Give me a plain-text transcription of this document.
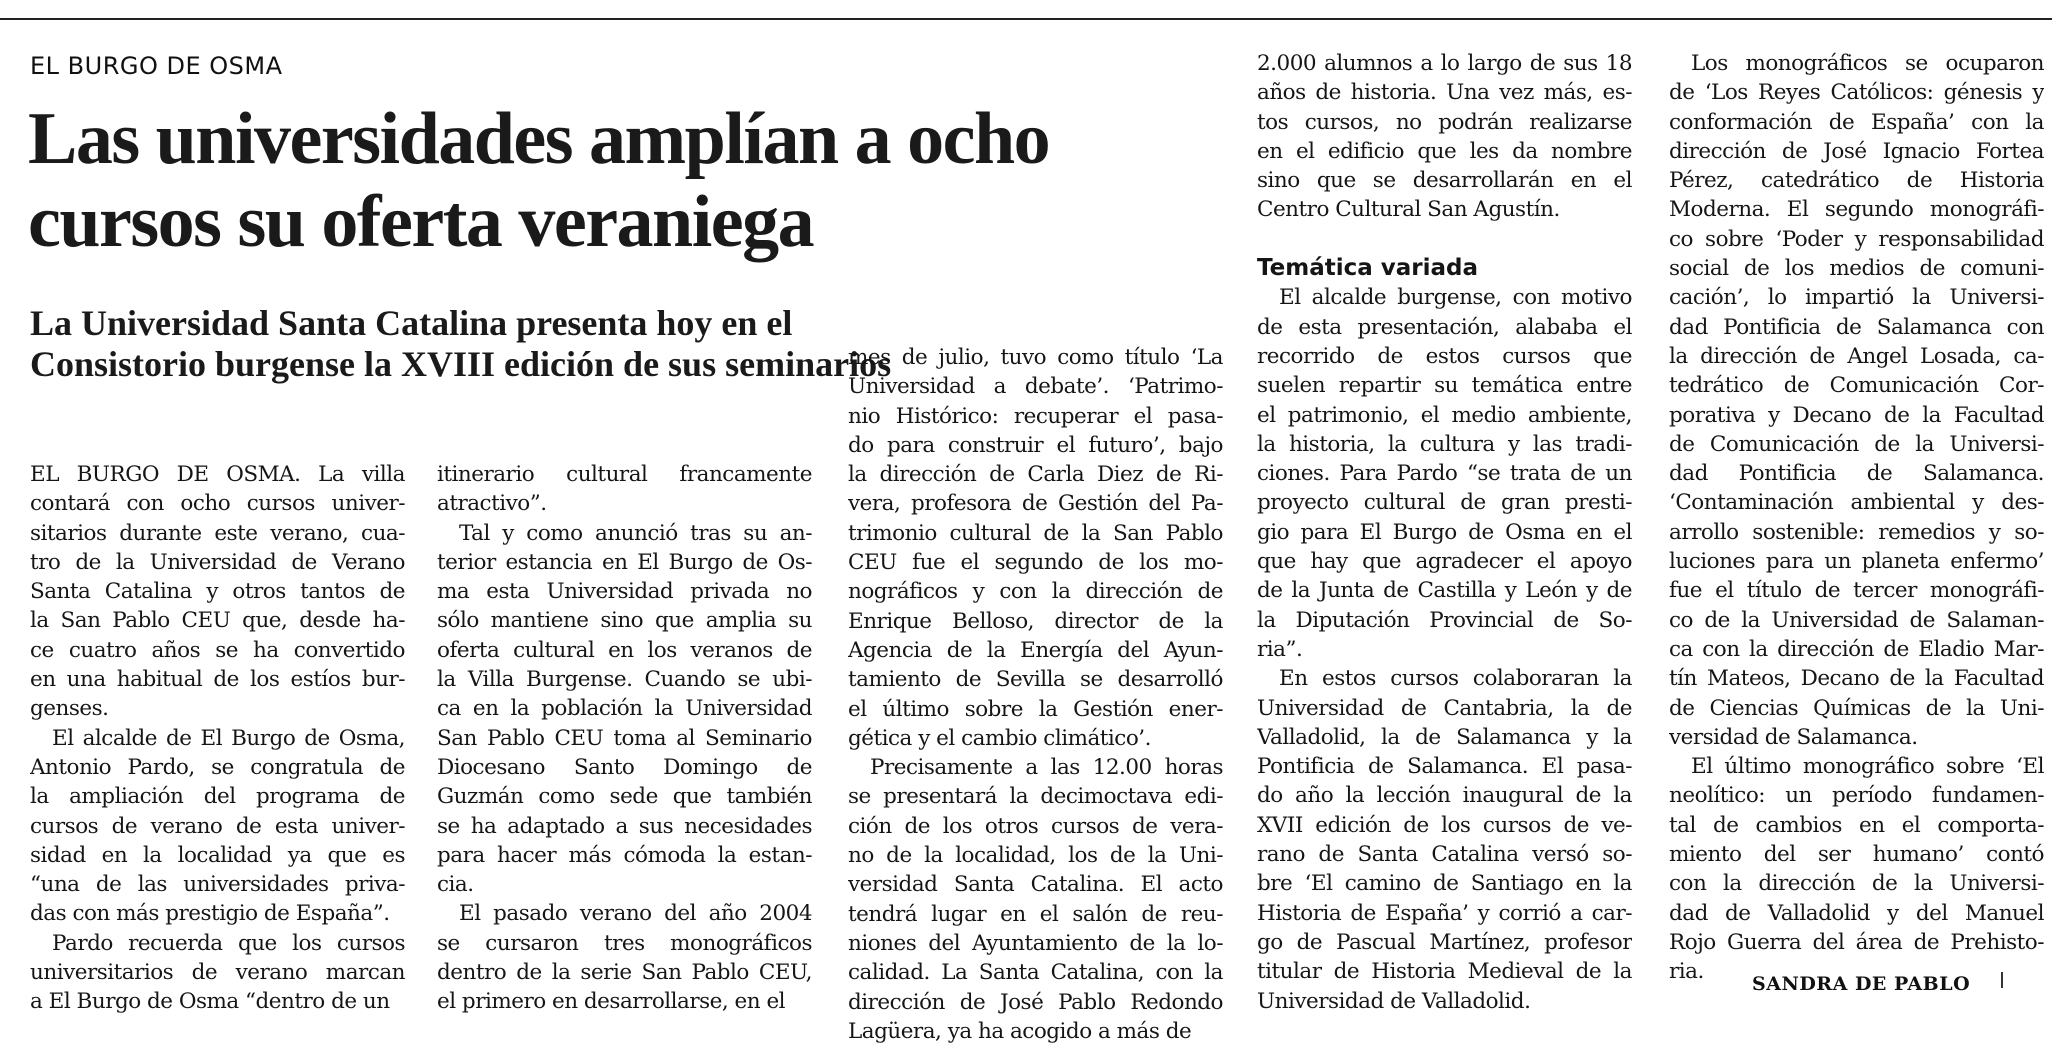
EL BURGO DE OSMA
Las universidades amplían a ocho
cursos su oferta veraniega
La Universidad Santa Catalina presenta hoy en el
Consistorio burgense la XVIII edición de sus seminarios
EL BURGO DE OSMA. La villa
contará con ocho cursos univer-
sitarios durante este verano, cua-
tro de la Universidad de Verano
Santa Catalina y otros tantos de
la San Pablo CEU que, desde ha-
ce cuatro años se ha convertido
en una habitual de los estíos bur-
genses.
El alcalde de El Burgo de Osma,
Antonio Pardo, se congratula de
la ampliación del programa de
cursos de verano de esta univer-
sidad en la localidad ya que es
“una de las universidades priva-
das con más prestigio de España”.
Pardo recuerda que los cursos
universitarios de verano marcan
a El Burgo de Osma “dentro de un
itinerario cultural francamente
atractivo”.
Tal y como anunció tras su an-
terior estancia en El Burgo de Os-
ma esta Universidad privada no
sólo mantiene sino que amplia su
oferta cultural en los veranos de
la Villa Burgense. Cuando se ubi-
ca en la población la Universidad
San Pablo CEU toma al Seminario
Diocesano Santo Domingo de
Guzmán como sede que también
se ha adaptado a sus necesidades
para hacer más cómoda la estan-
cia.
El pasado verano del año 2004
se cursaron tres monográficos
dentro de la serie San Pablo CEU,
el primero en desarrollarse, en el
mes de julio, tuvo como título ‘La
Universidad a debate’. ‘Patrimo-
nio Histórico: recuperar el pasa-
do para construir el futuro’, bajo
la dirección de Carla Diez de Ri-
vera, profesora de Gestión del Pa-
trimonio cultural de la San Pablo
CEU fue el segundo de los mo-
nográficos y con la dirección de
Enrique Belloso, director de la
Agencia de la Energía del Ayun-
tamiento de Sevilla se desarrolló
el último sobre la Gestión ener-
gética y el cambio climático’.
Precisamente a las 12.00 horas
se presentará la decimoctava edi-
ción de los otros cursos de vera-
no de la localidad, los de la Uni-
versidad Santa Catalina. El acto
tendrá lugar en el salón de reu-
niones del Ayuntamiento de la lo-
calidad. La Santa Catalina, con la
dirección de José Pablo Redondo
Lagüera, ya ha acogido a más de
2.000 alumnos a lo largo de sus 18
años de historia. Una vez más, es-
tos cursos, no podrán realizarse
en el edificio que les da nombre
sino que se desarrollarán en el
Centro Cultural San Agustín.
Temática variada
El alcalde burgense, con motivo
de esta presentación, alababa el
recorrido de estos cursos que
suelen repartir su temática entre
el patrimonio, el medio ambiente,
la historia, la cultura y las tradi-
ciones. Para Pardo “se trata de un
proyecto cultural de gran presti-
gio para El Burgo de Osma en el
que hay que agradecer el apoyo
de la Junta de Castilla y León y de
la Diputación Provincial de So-
ria”.
En estos cursos colaboraran la
Universidad de Cantabria, la de
Valladolid, la de Salamanca y la
Pontificia de Salamanca. El pasa-
do año la lección inaugural de la
XVII edición de los cursos de ve-
rano de Santa Catalina versó so-
bre ‘El camino de Santiago en la
Historia de España’ y corrió a car-
go de Pascual Martínez, profesor
titular de Historia Medieval de la
Universidad de Valladolid.
Los monográficos se ocuparon
de ‘Los Reyes Católicos: génesis y
conformación de España’ con la
dirección de José Ignacio Fortea
Pérez, catedrático de Historia
Moderna. El segundo monográfi-
co sobre ‘Poder y responsabilidad
social de los medios de comuni-
cación’, lo impartió la Universi-
dad Pontificia de Salamanca con
la dirección de Angel Losada, ca-
tedrático de Comunicación Cor-
porativa y Decano de la Facultad
de Comunicación de la Universi-
dad Pontificia de Salamanca.
‘Contaminación ambiental y des-
arrollo sostenible: remedios y so-
luciones para un planeta enfermo’
fue el título de tercer monográfi-
co de la Universidad de Salaman-
ca con la dirección de Eladio Mar-
tín Mateos, Decano de la Facultad
de Ciencias Químicas de la Uni-
versidad de Salamanca.
El último monográfico sobre ‘El
neolítico: un período fundamen-
tal de cambios en el comporta-
miento del ser humano’ contó
con la dirección de la Universi-
dad de Valladolid y del Manuel
Rojo Guerra del área de Prehisto-
ria.	SANDRA DE PABLO
